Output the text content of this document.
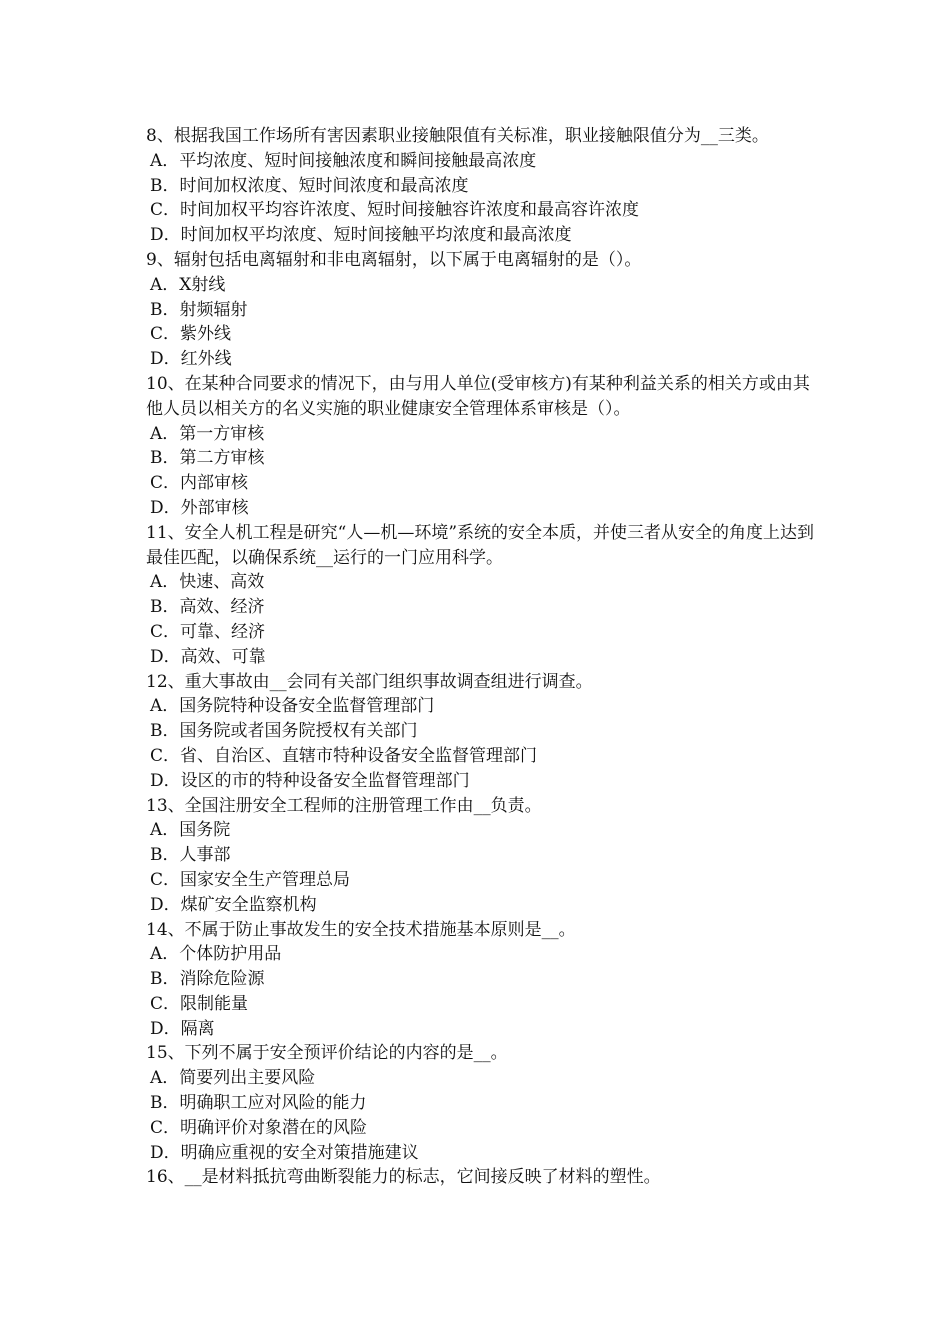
8、根据我国工作场所有害因素职业接触限值有关标准，职业接触限值分为__三类。
A．平均浓度、短时间接触浓度和瞬间接触最高浓度
B．时间加权浓度、短时间浓度和最高浓度
C．时间加权平均容许浓度、短时间接触容许浓度和最高容许浓度
D．时间加权平均浓度、短时间接触平均浓度和最高浓度
9、辐射包括电离辐射和非电离辐射，以下属于电离辐射的是（）。
A．X射线
B．射频辐射
C．紫外线
D．红外线
10、在某种合同要求的情况下，由与用人单位(受审核方)有某种利益关系的相关方或由其他人员以相关方的名义实施的职业健康安全管理体系审核是（）。
A．第一方审核
B．第二方审核
C．内部审核
D．外部审核
11、安全人机工程是研究“人—机—环境”系统的安全本质，并使三者从安全的角度上达到最佳匹配，以确保系统__运行的一门应用科学。
A．快速、高效
B．高效、经济
C．可靠、经济
D．高效、可靠
12、重大事故由__会同有关部门组织事故调查组进行调查。
A．国务院特种设备安全监督管理部门
B．国务院或者国务院授权有关部门
C．省、自治区、直辖市特种设备安全监督管理部门
D．设区的市的特种设备安全监督管理部门
13、全国注册安全工程师的注册管理工作由__负责。
A．国务院
B．人事部
C．国家安全生产管理总局
D．煤矿安全监察机构
14、不属于防止事故发生的安全技术措施基本原则是__。
A．个体防护用品
B．消除危险源
C．限制能量
D．隔离
15、下列不属于安全预评价结论的内容的是__。
A．简要列出主要风险
B．明确职工应对风险的能力
C．明确评价对象潜在的风险
D．明确应重视的安全对策措施建议
16、__是材料抵抗弯曲断裂能力的标志，它间接反映了材料的塑性。
